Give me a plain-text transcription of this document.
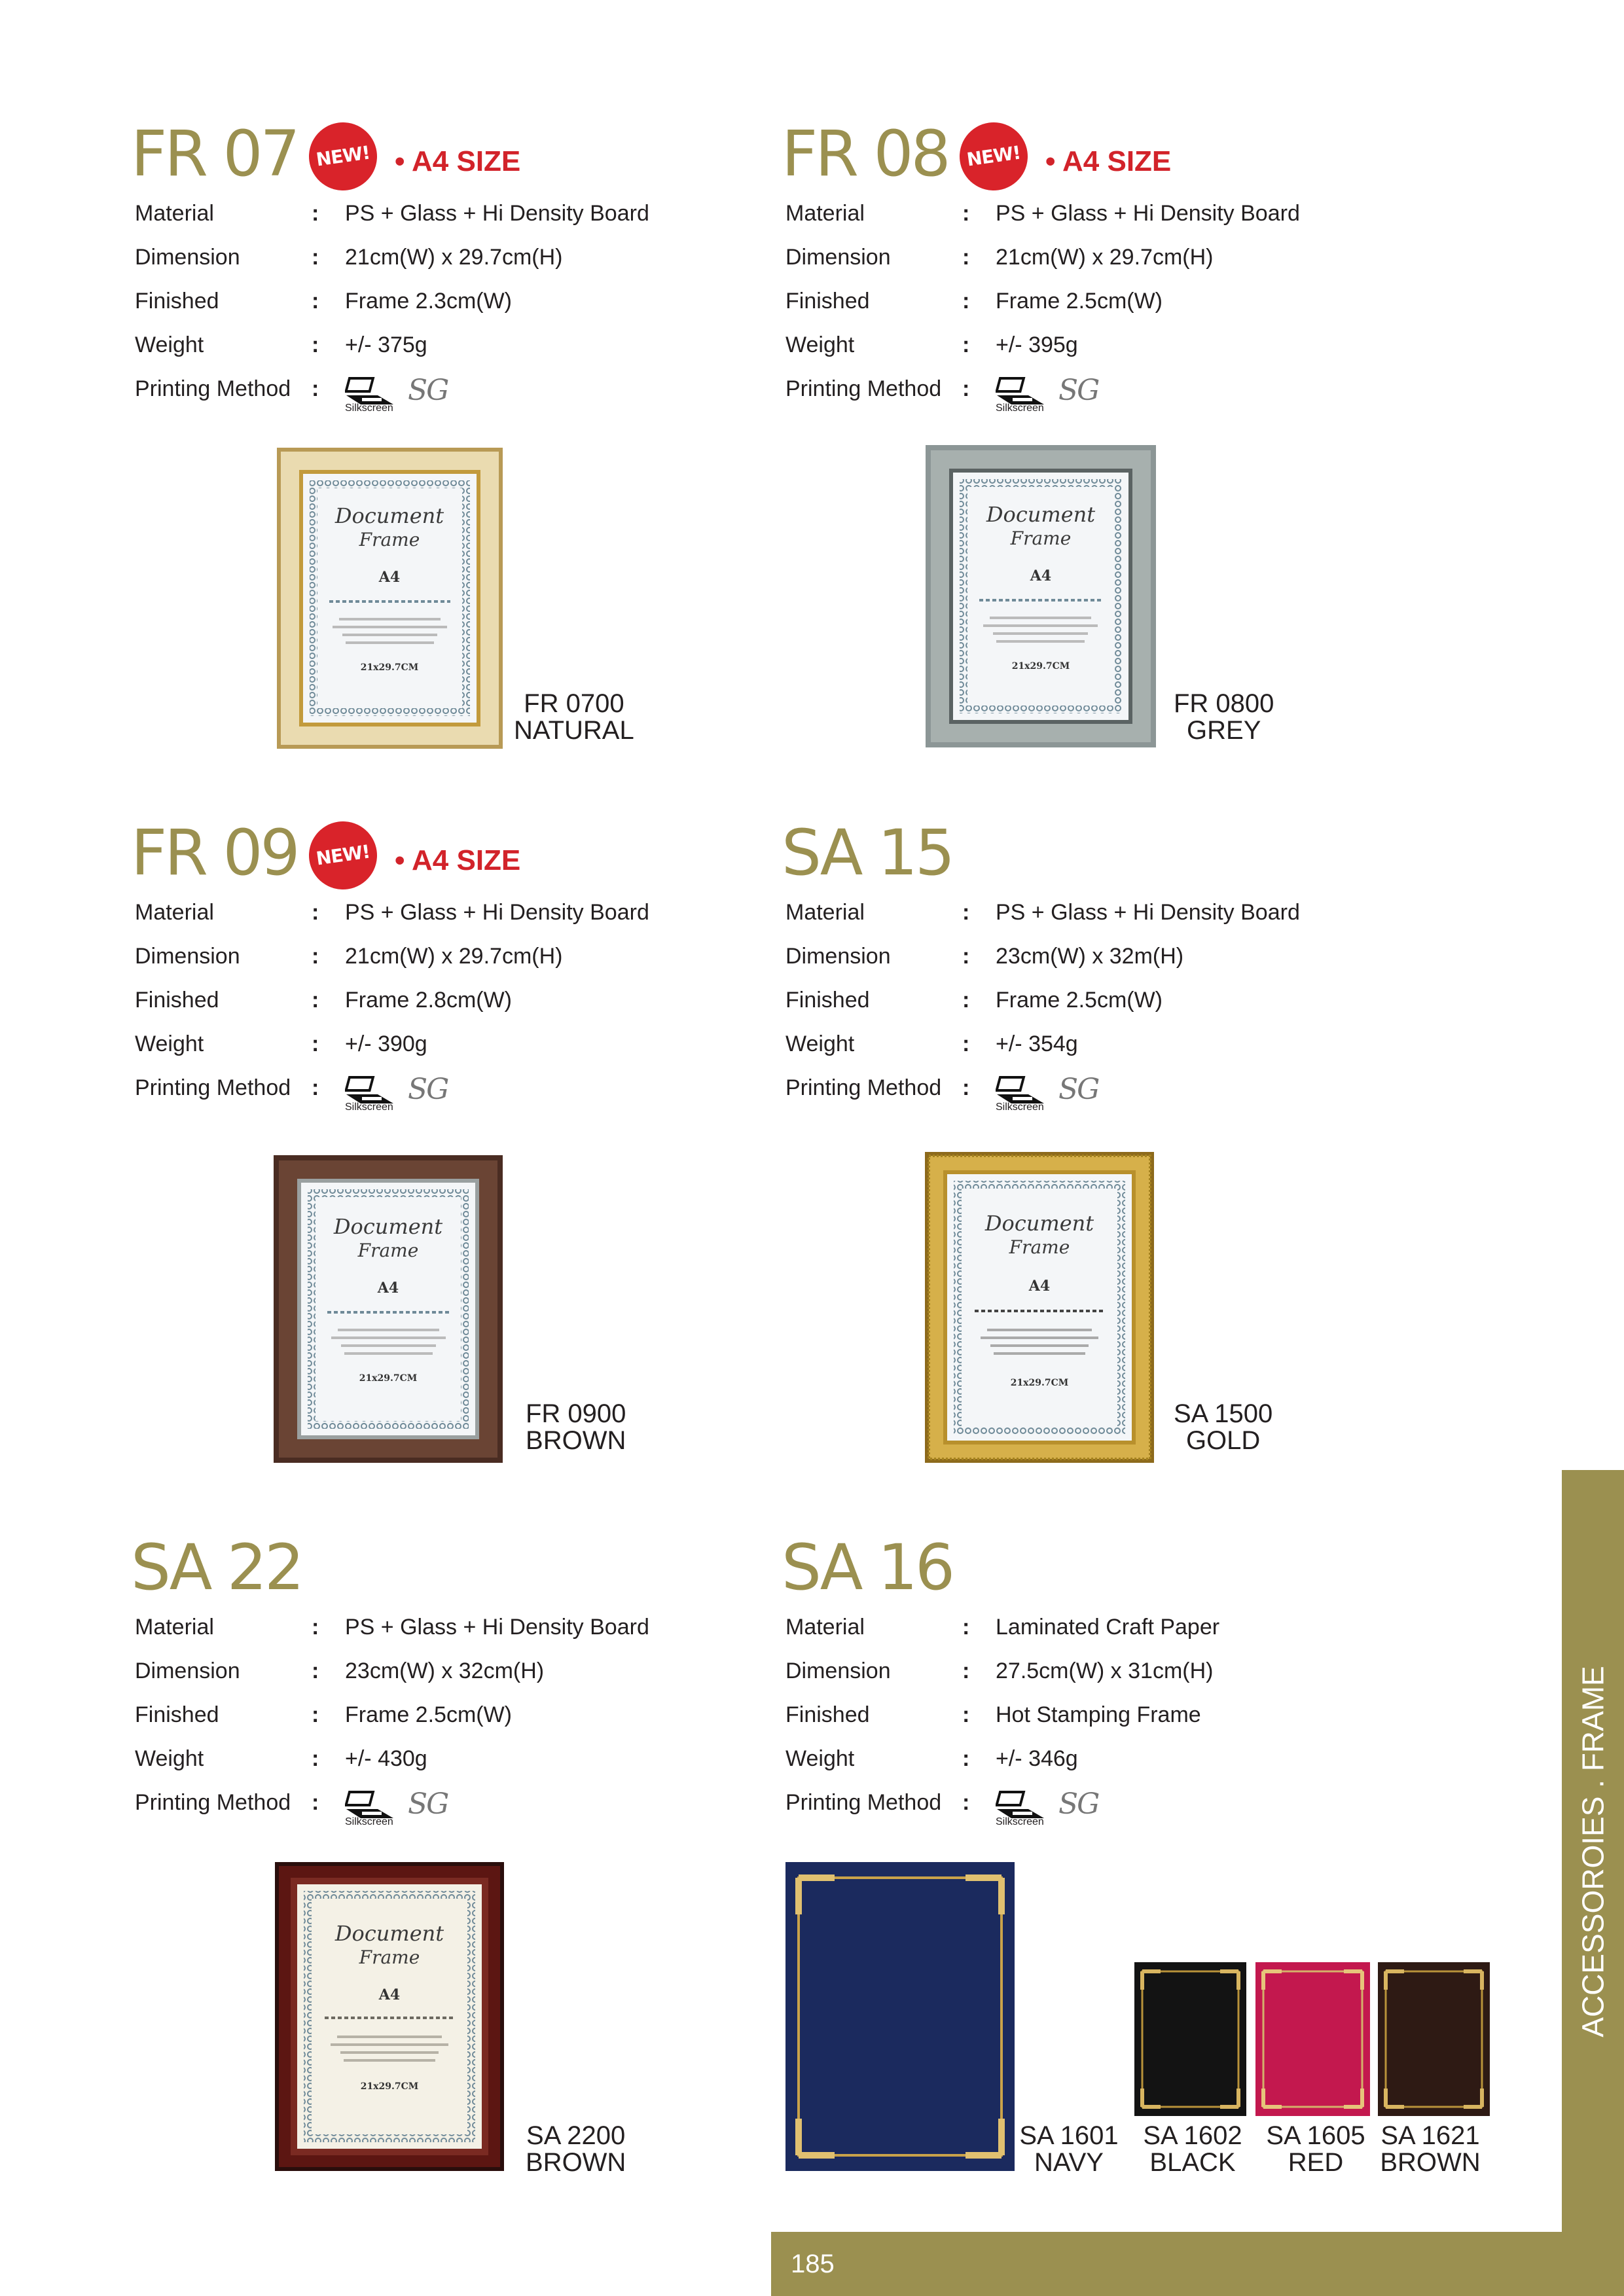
FR 07 NEW! • A4 SIZE
Material	: PS + Glass + Hi Density Board
Dimension	: 21cm(W) x 29.7cm(H)
Finished	: Frame 2.3cm(W)
Weight	: +/- 375g
Printing Method :
Silkscreen
SG
Document
Frame
A4
21x29.7CM
FR 0700
NATURAL
FR 08 NEW! • A4 SIZE
Material	: PS + Glass + Hi Density Board
Dimension	: 21cm(W) x 29.7cm(H)
Finished	: Frame 2.5cm(W)
Weight	: +/- 395g
Printing Method :
Silkscreen
SG
Document
Frame
A4
21x29.7CM
FR 0800
GREY
FR 09 NEW! • A4 SIZE
Material	: PS + Glass + Hi Density Board
Dimension	: 21cm(W) x 29.7cm(H)
Finished	: Frame 2.8cm(W)
Weight	: +/- 390g
Printing Method :
Silkscreen
SG
Document
Frame
A4
21x29.7CM
FR 0900
BROWN
SA 15
Material	: PS + Glass + Hi Density Board
Dimension	: 23cm(W) x 32m(H)
Finished	: Frame 2.5cm(W)
Weight	: +/- 354g
Printing Method :
Silkscreen
SG
Document
Frame
A4
21x29.7CM
SA 1500
GOLD
SA 22
Material	: PS + Glass + Hi Density Board
Dimension	: 23cm(W) x 32cm(H)
Finished	: Frame 2.5cm(W)
Weight	: +/- 430g
Printing Method :
Silkscreen
SG
Document
Frame
A4
21x29.7CM
SA 2200
BROWN
SA 16
Material	: Laminated Craft Paper
Dimension	: 27.5cm(W) x 31cm(H)
Finished	: Hot Stamping Frame
Weight	: +/- 346g
Printing Method :
Silkscreen
SG
SA 1601
NAVY
SA 1602
BLACK
SA 1605
RED
SA 1621
BROWN
ACCESSOROIES . FRAME
185
